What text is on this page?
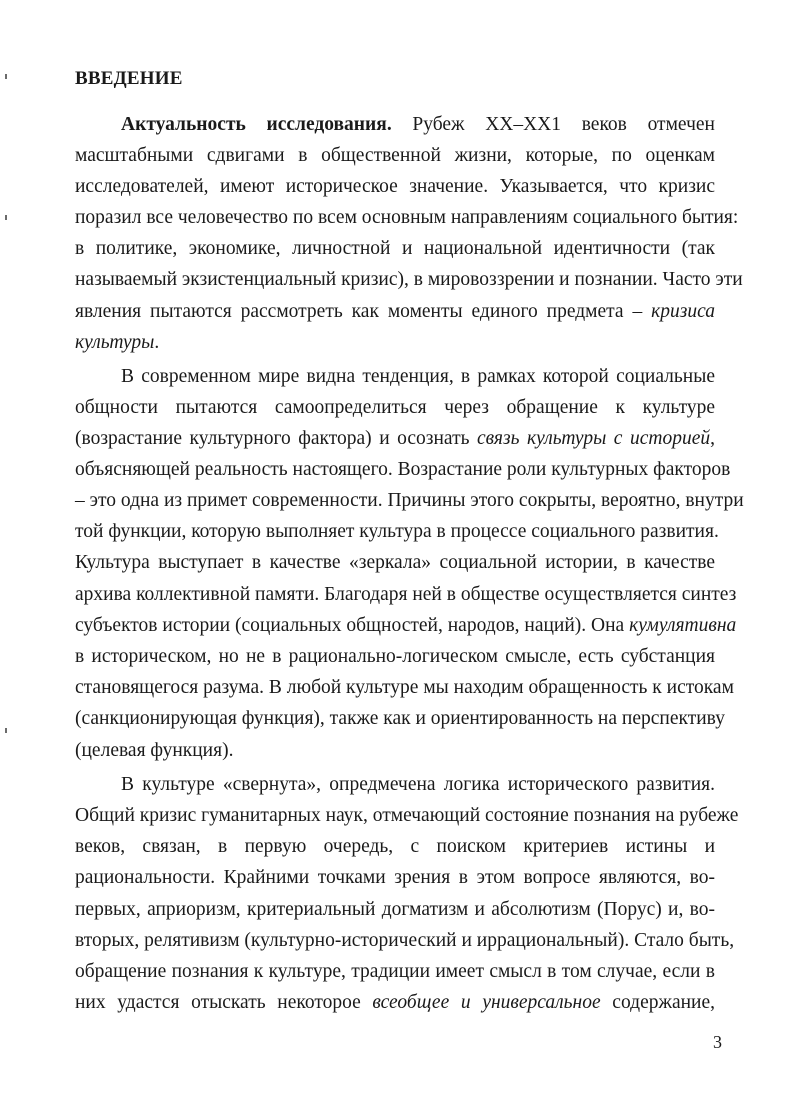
ВВЕДЕНИЕ
Актуальность исследования. Рубеж XX–XX1 веков отмечен
масштабными сдвигами в общественной жизни, которые, по оценкам
исследователей, имеют историческое значение. Указывается, что кризис
поразил все человечество по всем основным направлениям социального бытия:
в политике, экономике, личностной и национальной идентичности (так
называемый экзистенциальный кризис), в мировоззрении и познании. Часто эти
явления пытаются рассмотреть как моменты единого предмета – кризиса
культуры.
В современном мире видна тенденция, в рамках которой социальные
общности пытаются самоопределиться через обращение к культуре
(возрастание культурного фактора) и осознать связь культуры с историей,
объясняющей реальность настоящего. Возрастание роли культурных факторов
– это одна из примет современности. Причины этого сокрыты, вероятно, внутри
той функции, которую выполняет культура в процессе социального развития.
Культура выступает в качестве «зеркала» социальной истории, в качестве
архива коллективной памяти. Благодаря ней в обществе осуществляется синтез
субъектов истории (социальных общностей, народов, наций). Она кумулятивна
в историческом, но не в рационально-логическом смысле, есть субстанция
становящегося разума. В любой культуре мы находим обращенность к истокам
(санкционирующая функция), также как и ориентированность на перспективу
(целевая функция).
В культуре «свернута», опредмечена логика исторического развития.
Общий кризис гуманитарных наук, отмечающий состояние познания на рубеже
веков, связан, в первую очередь, с поиском критериев истины и
рациональности. Крайними точками зрения в этом вопросе являются, во-
первых, априоризм, критериальный догматизм и абсолютизм (Порус) и, во-
вторых, релятивизм (культурно-исторический и иррациональный). Стало быть,
обращение познания к культуре, традиции имеет смысл в том случае, если в
них удастся отыскать некоторое всеобщее и универсальное содержание,
3
